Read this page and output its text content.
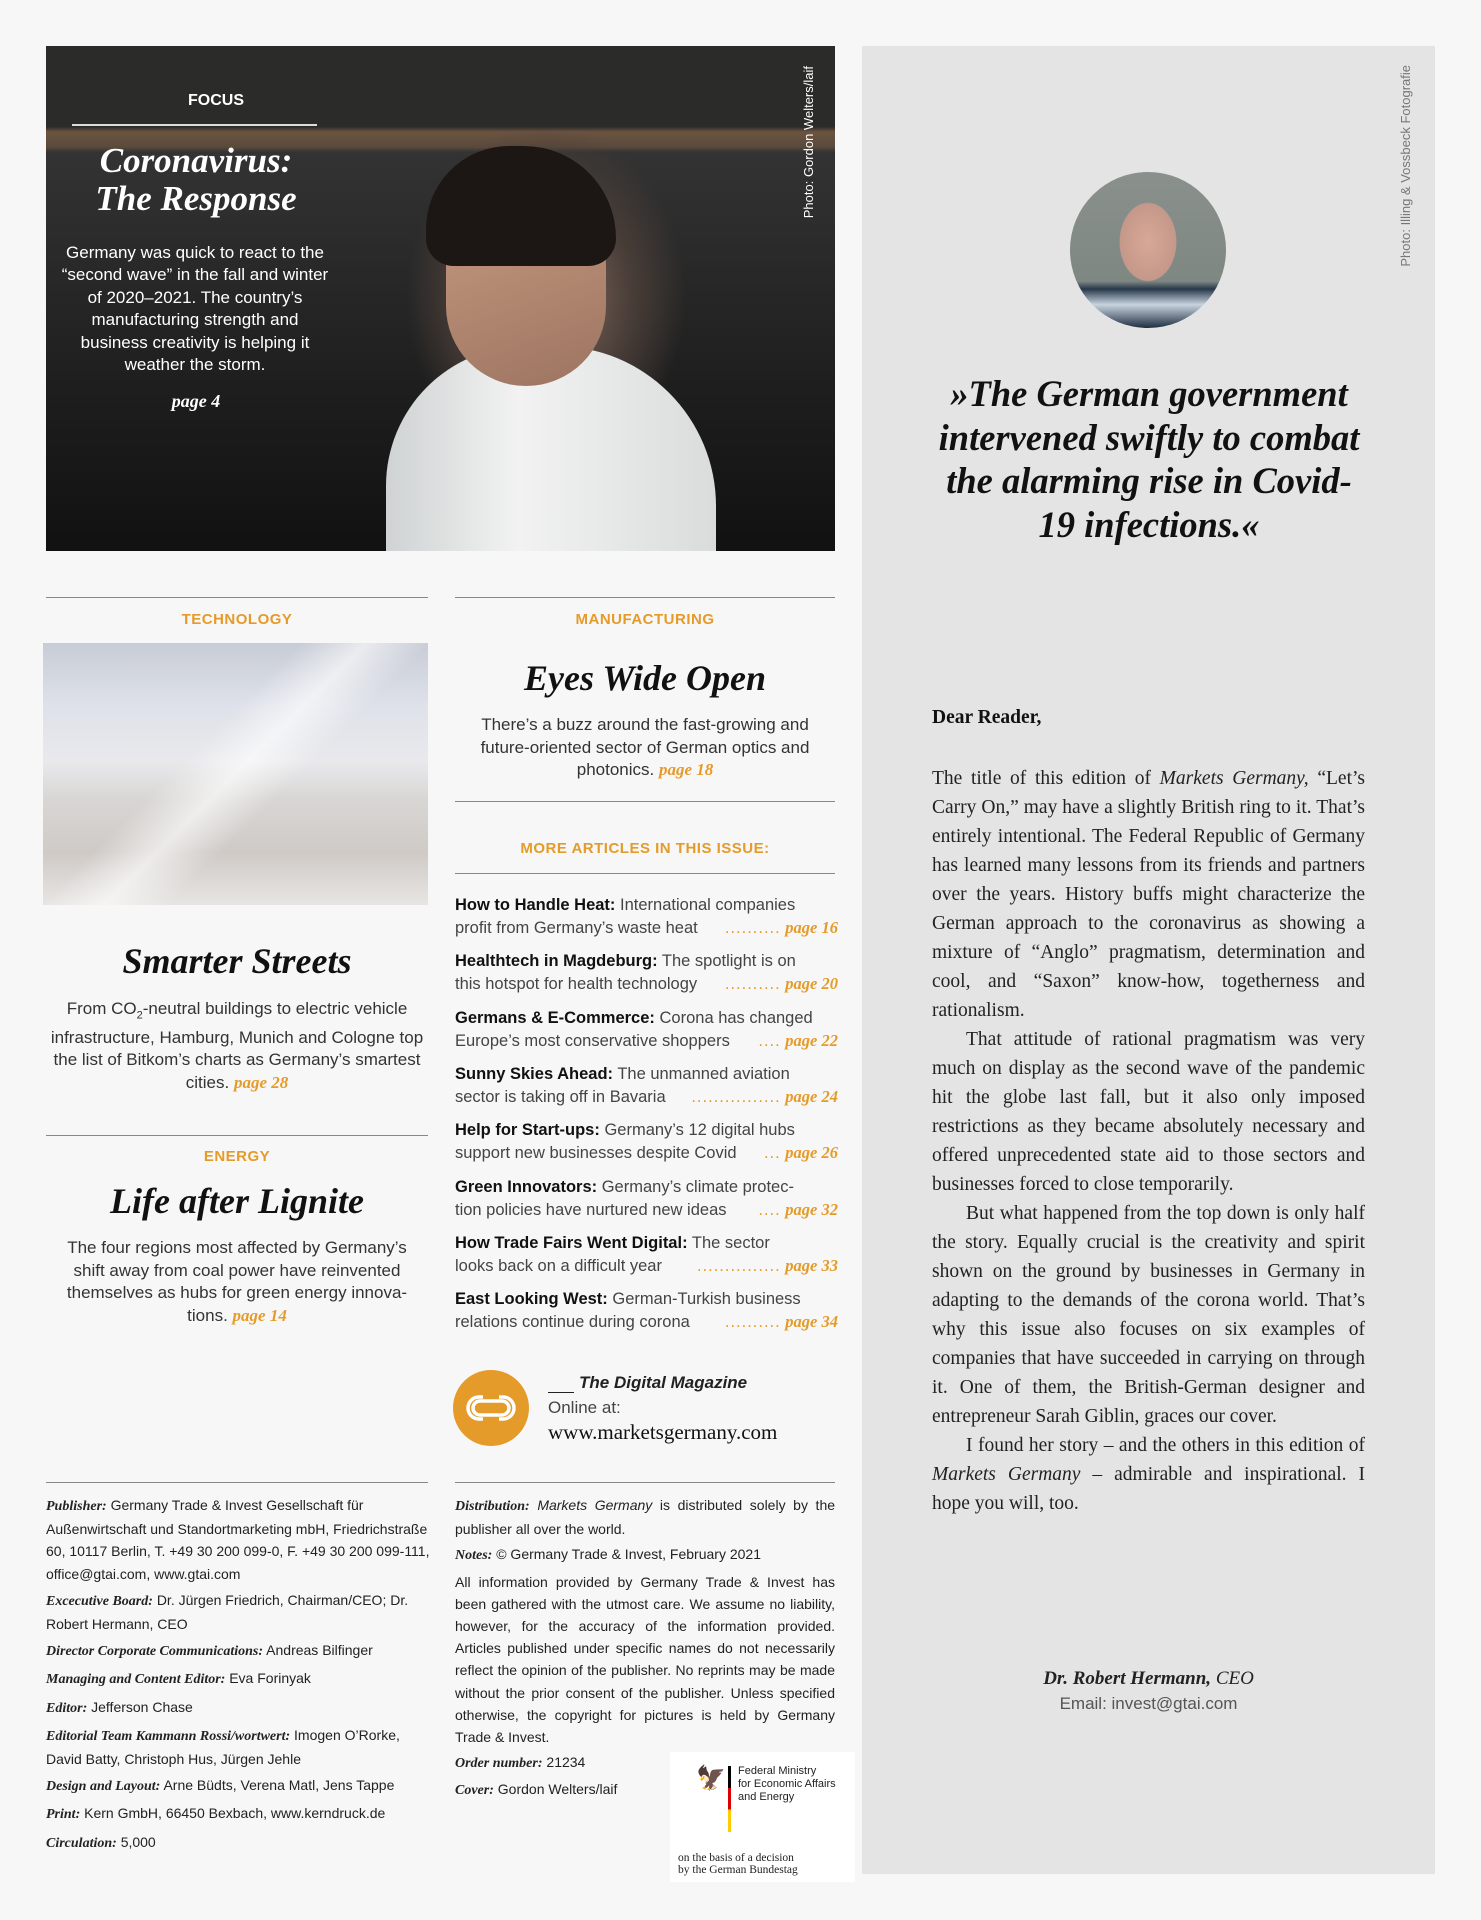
FOCUS
Coronavirus:
The Response
Germany was quick to react to the “second wave” in the fall and winter of 2020–2021. The country’s manufacturing strength and business creativity is helping it weather the storm.
page 4
Photo: Gordon Welters/laif
TECHNOLOGY
Smarter Streets
From $CO_2$-neutral buildings to electric vehicle infrastructure, Hamburg, Munich and Cologne top the list of Bitkom’s charts as Germany’s smartest cities. page 28
ENERGY
Life after Lignite
The four regions most affected by Germany’s shift away from coal power have reinvented themselves as hubs for green energy innova-tions. page 14
MANUFACTURING
Eyes Wide Open
There’s a buzz around the fast-growing and future-oriented sector of German optics and photonics. page 18
MORE ARTICLES IN THIS ISSUE:
How to Handle Heat: International companies
profit from Germany’s waste heat .......... page 16
Healthtech in Magdeburg: The spotlight is on
this hotspot for health technology .......... page 20
Germans & E-Commerce: Corona has changed
Europe’s most conservative shoppers .... page 22
Sunny Skies Ahead: The unmanned aviation
sector is taking off in Bavaria ................ page 24
Help for Start-ups: Germany’s 12 digital hubs
support new businesses despite Covid ... page 26
Green Innovators: Germany’s climate protec-
tion policies have nurtured new ideas .... page 32
How Trade Fairs Went Digital: The sector
looks back on a difficult year ............... page 33
East Looking West: German-Turkish business
relations continue during corona .......... page 34
The Digital Magazine
Online at:
www.marketsgermany.com
Publisher: Germany Trade & Invest Gesellschaft für Außenwirtschaft und Standortmarketing mbH, Friedrichstraße 60, 10117 Berlin, T. +49 30 200 099-0, F. +49 30 200 099-111, office@gtai.com, www.gtai.com
Excecutive Board: Dr. Jürgen Friedrich, Chairman/CEO; Dr. Robert Hermann, CEO
Director Corporate Communications: Andreas Bilfinger
Managing and Content Editor: Eva Forinyak
Editor: Jefferson Chase
Editorial Team Kammann Rossi/wortwert: Imogen O’Rorke, David Batty, Christoph Hus, Jürgen Jehle
Design and Layout: Arne Büdts, Verena Matl, Jens Tappe
Print: Kern GmbH, 66450 Bexbach, www.kerndruck.de
Circulation: 5,000
Distribution: Markets Germany is distributed solely by the publisher all over the world.
Notes: © Germany Trade & Invest, February 2021
All information provided by Germany Trade & Invest has been gathered with the utmost care. We assume no liability, however, for the accuracy of the information provided. Articles published under specific names do not necessarily reflect the opinion of the publisher. No reprints may be made without the prior consent of the publisher. Unless specified otherwise, the copyright for pictures is held by Germany Trade & Invest.
Order number: 21234
Cover: Gordon Welters/laif	🦅 Federal Ministry
for Economic Affairs
and Energy
on the basis of a decision
by the German Bundestag
Photo: Illing & Vossbeck Fotografie
»The German government intervened swiftly to combat the alarming rise in Covid-19 infections.«
Dear Reader,

The title of this edition of Markets Germany, “Let’s Carry On,” may have a slightly British ring to it. That’s entirely intentional. The Federal Republic of Germany has learned many lessons from its friends and partners over the years. History buffs might characterize the German approach to the coronavirus as showing a mixture of “Anglo” pragmatism, determination and cool, and “Saxon” know-how, togetherness and rationalism.

That attitude of rational pragmatism was very much on display as the second wave of the pandemic hit the globe last fall, but it also only imposed restrictions as they became absolutely necessary and offered unprecedented state aid to those sectors and businesses forced to close temporarily.

But what happened from the top down is only half the story. Equally crucial is the creativity and spirit shown on the ground by businesses in Germany in adapting to the demands of the corona world. That’s why this issue also focuses on six examples of companies that have succeeded in carrying on through it. One of them, the British-German designer and entrepreneur Sarah Giblin, graces our cover.

I found her story – and the others in this edition of Markets Germany – admirable and inspirational. I hope you will, too.

Dr. Robert Hermann, CEO
Email: invest@gtai.com
